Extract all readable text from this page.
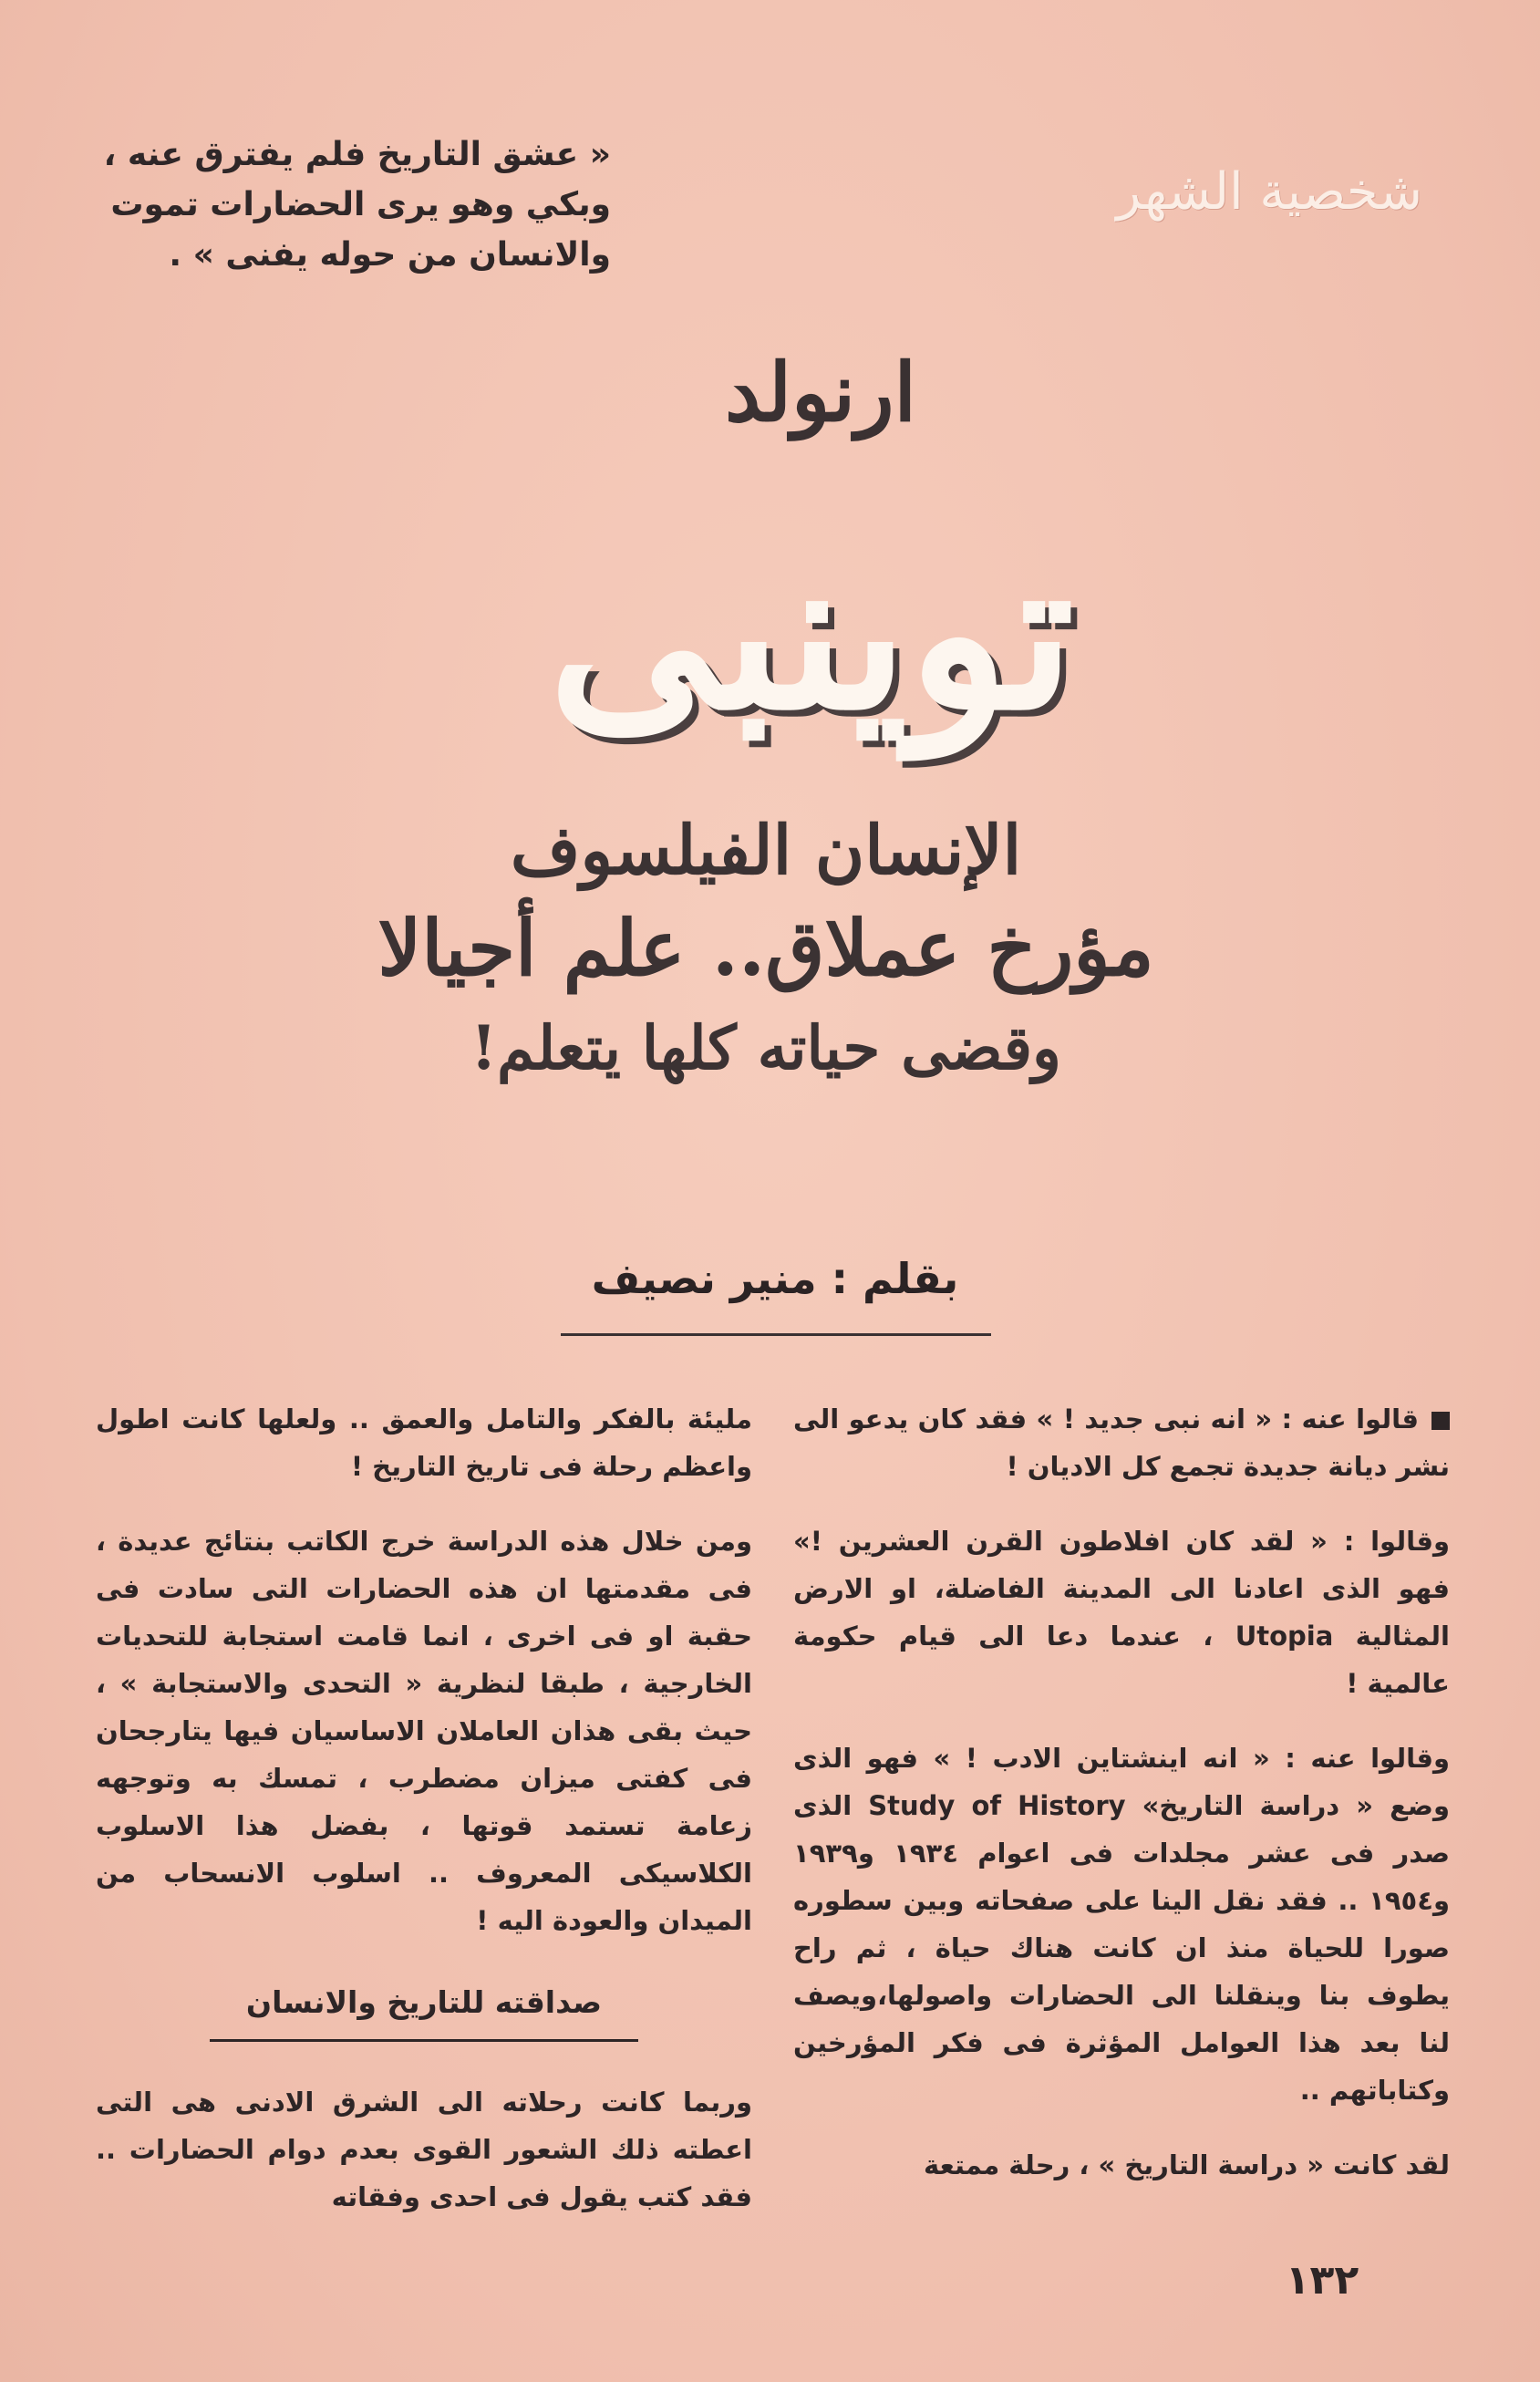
شخصية الشهر
« عشق التاريخ فلم يفترق عنه ،
وبكي وهو يرى الحضارات تموت
والانسان من حوله يفنى » .
ارنولد
توينبى
الإنسان الفيلسوف
مؤرخ عملاق.. علم أجيالا
وقضى حياته كلها يتعلم!
بقلم : منير نصيف

قالوا عنه : « انه نبى جديد ! » فقد كان يدعو الى نشر ديانة جديدة تجمع كل الاديان !

وقالوا : « لقد كان افلاطون القرن العشرين !» فهو الذى اعادنا الى المدينة الفاضلة، او الارض المثالية Utopia ، عندما دعا الى قيام حكومة عالمية !

وقالوا عنه : « انه اينشتاين الادب ! » فهو الذى وضع « دراسة التاريخ» Study of History الذى صدر فى عشر مجلدات فى اعوام ١٩٣٤ و١٩٣٩ و١٩٥٤ .. فقد نقل الينا على صفحاته وبين سطوره صورا للحياة منذ ان كانت هناك حياة ، ثم راح يطوف بنا وينقلنا الى الحضارات واصولها،ويصف لنا بعد هذا العوامل المؤثرة فى فكر المؤرخين وكتاباتهم ..

لقد كانت « دراسة التاريخ » ، رحلة ممتعة

مليئة بالفكر والتامل والعمق .. ولعلها كانت اطول واعظم رحلة فى تاريخ التاريخ !

ومن خلال هذه الدراسة خرج الكاتب بنتائج عديدة ، فى مقدمتها ان هذه الحضارات التى سادت فى حقبة او فى اخرى ، انما قامت استجابة للتحديات الخارجية ، طبقا لنظرية « التحدى والاستجابة » ، حيث بقى هذان العاملان الاساسيان فيها يتارجحان فى كفتى ميزان مضطرب ، تمسك به وتوجهه زعامة تستمد قوتها ، بفضل هذا الاسلوب الكلاسيكى المعروف .. اسلوب الانسحاب من الميدان والعودة اليه !

صداقته للتاريخ والانسان

وربما كانت رحلاته الى الشرق الادنى هى التى اعطته ذلك الشعور القوى بعدم دوام الحضارات .. فقد كتب يقول فى احدى وفقاته

١٣٢
